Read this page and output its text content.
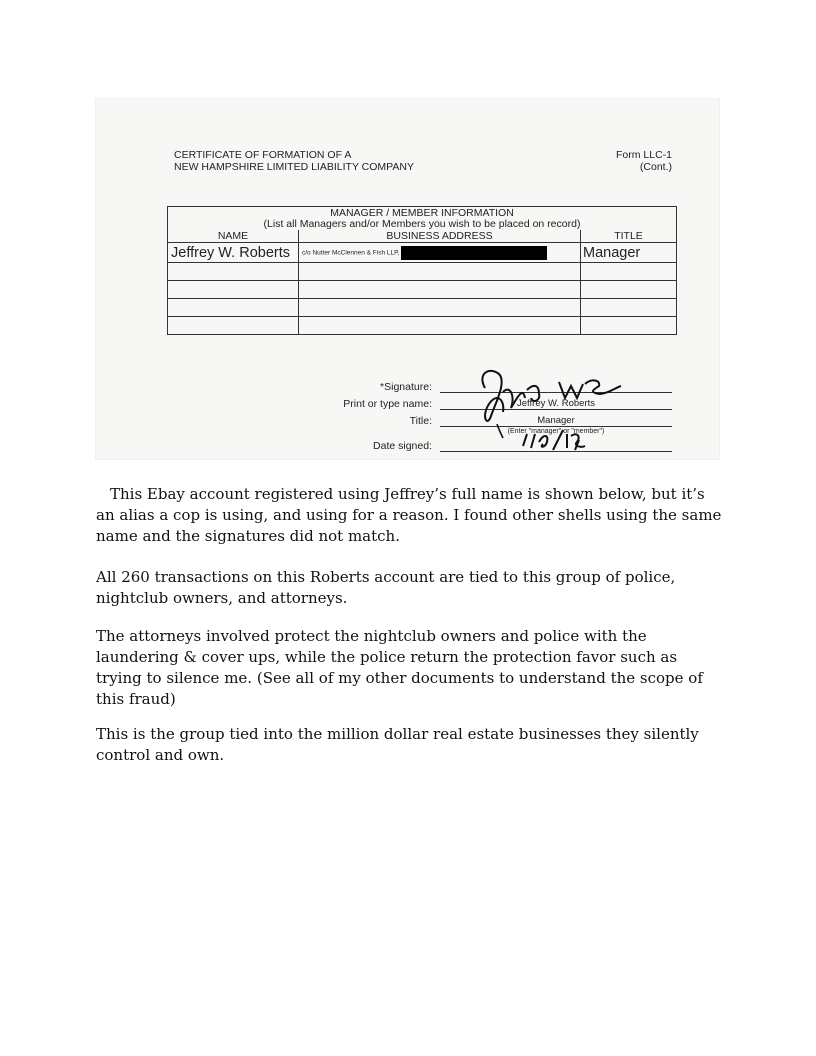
CERTIFICATE OF FORMATION OF A
NEW HAMPSHIRE LIMITED LIABILITY COMPANY
Form LLC-1
(Cont.)
MANAGER / MEMBER INFORMATION
(List all Managers and/or Members you wish to be placed on record)		

NAME	BUSINESS ADDRESS	TITLE
Jeffrey W. Roberts	c/o Nutter McClennen & Fish LLP,	Manager

*Signature:
Print or type name:	Jeffrey W. Roberts
Title:	Manager
(Enter "manager" or "member")
Date signed:

This Ebay account registered using Jeffrey’s full name is shown below, but it’s an alias a cop is using, and using for a reason. I found other shells using the same name and the signatures did not match.

All 260 transactions on this Roberts account are tied to this group of police, nightclub owners, and attorneys.

The attorneys involved protect the nightclub owners and police with the laundering & cover ups, while the police return the protection favor such as trying to silence me. (See all of my other documents to understand the scope of this fraud)

This is the group tied into the million dollar real estate businesses they silently control and own.
